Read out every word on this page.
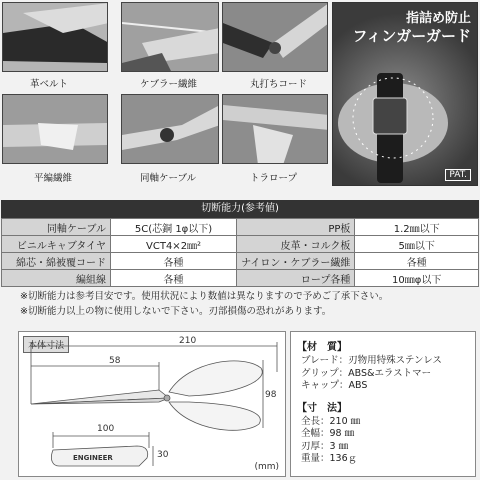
革ベルト	ケブラー繊維	丸打ちコード
平編繊維	同軸ケーブル	トラロープ
指詰め防止
フィンガーガード
PAT.
切断能力(参考値)
同軸ケーブル	5C(芯銅 1φ以下)	PP板	1.2㎜以下
ビニルキャブタイヤ	VCT4×2㎜²	皮革・コルク板	5㎜以下
綿芯・綿被覆コード	各種	ナイロン・ケブラー繊維	各種
編組線	各種	ロープ各種	10㎜φ以下
※切断能力は参考目安です。使用状況により数値は異なりますので予めご了承下さい。
※切断能力以上の物に使用しないで下さい。刃部損傷の恐れがあります。
本体寸法	210
58
98
100
30
ENGINEER
(mm)
【材　質】
ブレード：刃物用特殊ステンレス
グリップ：ABS&エラストマー
キャップ：ABS
【寸　法】
全長：210 ㎜
全幅：98 ㎜
刃厚：3 ㎜
重量：136ｇ
